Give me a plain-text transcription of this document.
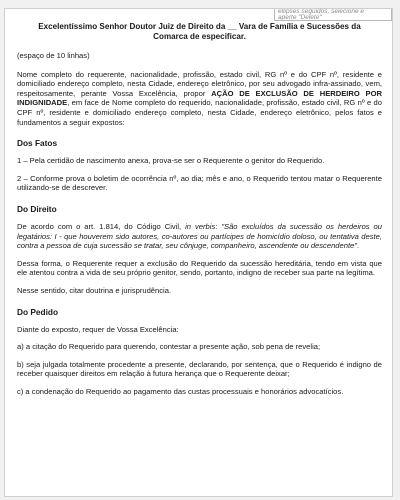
ellipses seguidos, selecione e
aperte "Delete"
Excelentíssimo Senhor Doutor Juiz de Direito da __ Vara de Família e Sucessões da
Comarca de especificar.
(espaço de 10 linhas)

Nome completo do requerente, nacionalidade, profissão, estado civil, RG nº e do CPF nº, residente e domiciliado endereço completo, nesta Cidade, endereço eletrônico, por seu advogado infra-assinado, vem, respeitosamente, perante Vossa Excelência, propor AÇÃO DE EXCLUSÃO DE HERDEIRO POR INDIGNIDADE, em face de Nome completo do requerido, nacionalidade, profissão, estado civil, RG nº e do CPF nº, residente e domiciliado endereço completo, nesta Cidade, endereço eletrônico, pelos fatos e fundamentos a seguir expostos:

Dos Fatos

1 – Pela certidão de nascimento anexa, prova-se ser o Requerente o genitor do Requerido.

2 – Conforme prova o boletim de ocorrência nº, ao dia; mês e ano, o Requerido tentou matar o Requerente utilizando-se de descrever.

Do Direito

De acordo com o art. 1.814, do Código Civil, in verbis: "São excluídos da sucessão os herdeiros ou legatários: I - que houverem sido autores, co-autores ou partícipes de homicídio doloso, ou tentativa deste, contra a pessoa de cuja sucessão se tratar, seu cônjuge, companheiro, ascendente ou descendente".

Dessa forma, o Requerente requer a exclusão do Requerido da sucessão hereditária, tendo em vista que ele atentou contra a vida de seu próprio genitor, sendo, portanto, indigno de receber sua parte na legítima.

Nesse sentido, citar doutrina e jurisprudência.

Do Pedido

Diante do exposto, requer de Vossa Excelência:

a) a citação do Requerido para querendo, contestar a presente ação, sob pena de revelia;

b) seja julgada totalmente procedente a presente, declarando, por sentença, que o Requerido é indigno de receber quaisquer direitos em relação à futura herança que o Requerente deixar;

c) a condenação do Requerido ao pagamento das custas processuais e honorários advocatícios.
